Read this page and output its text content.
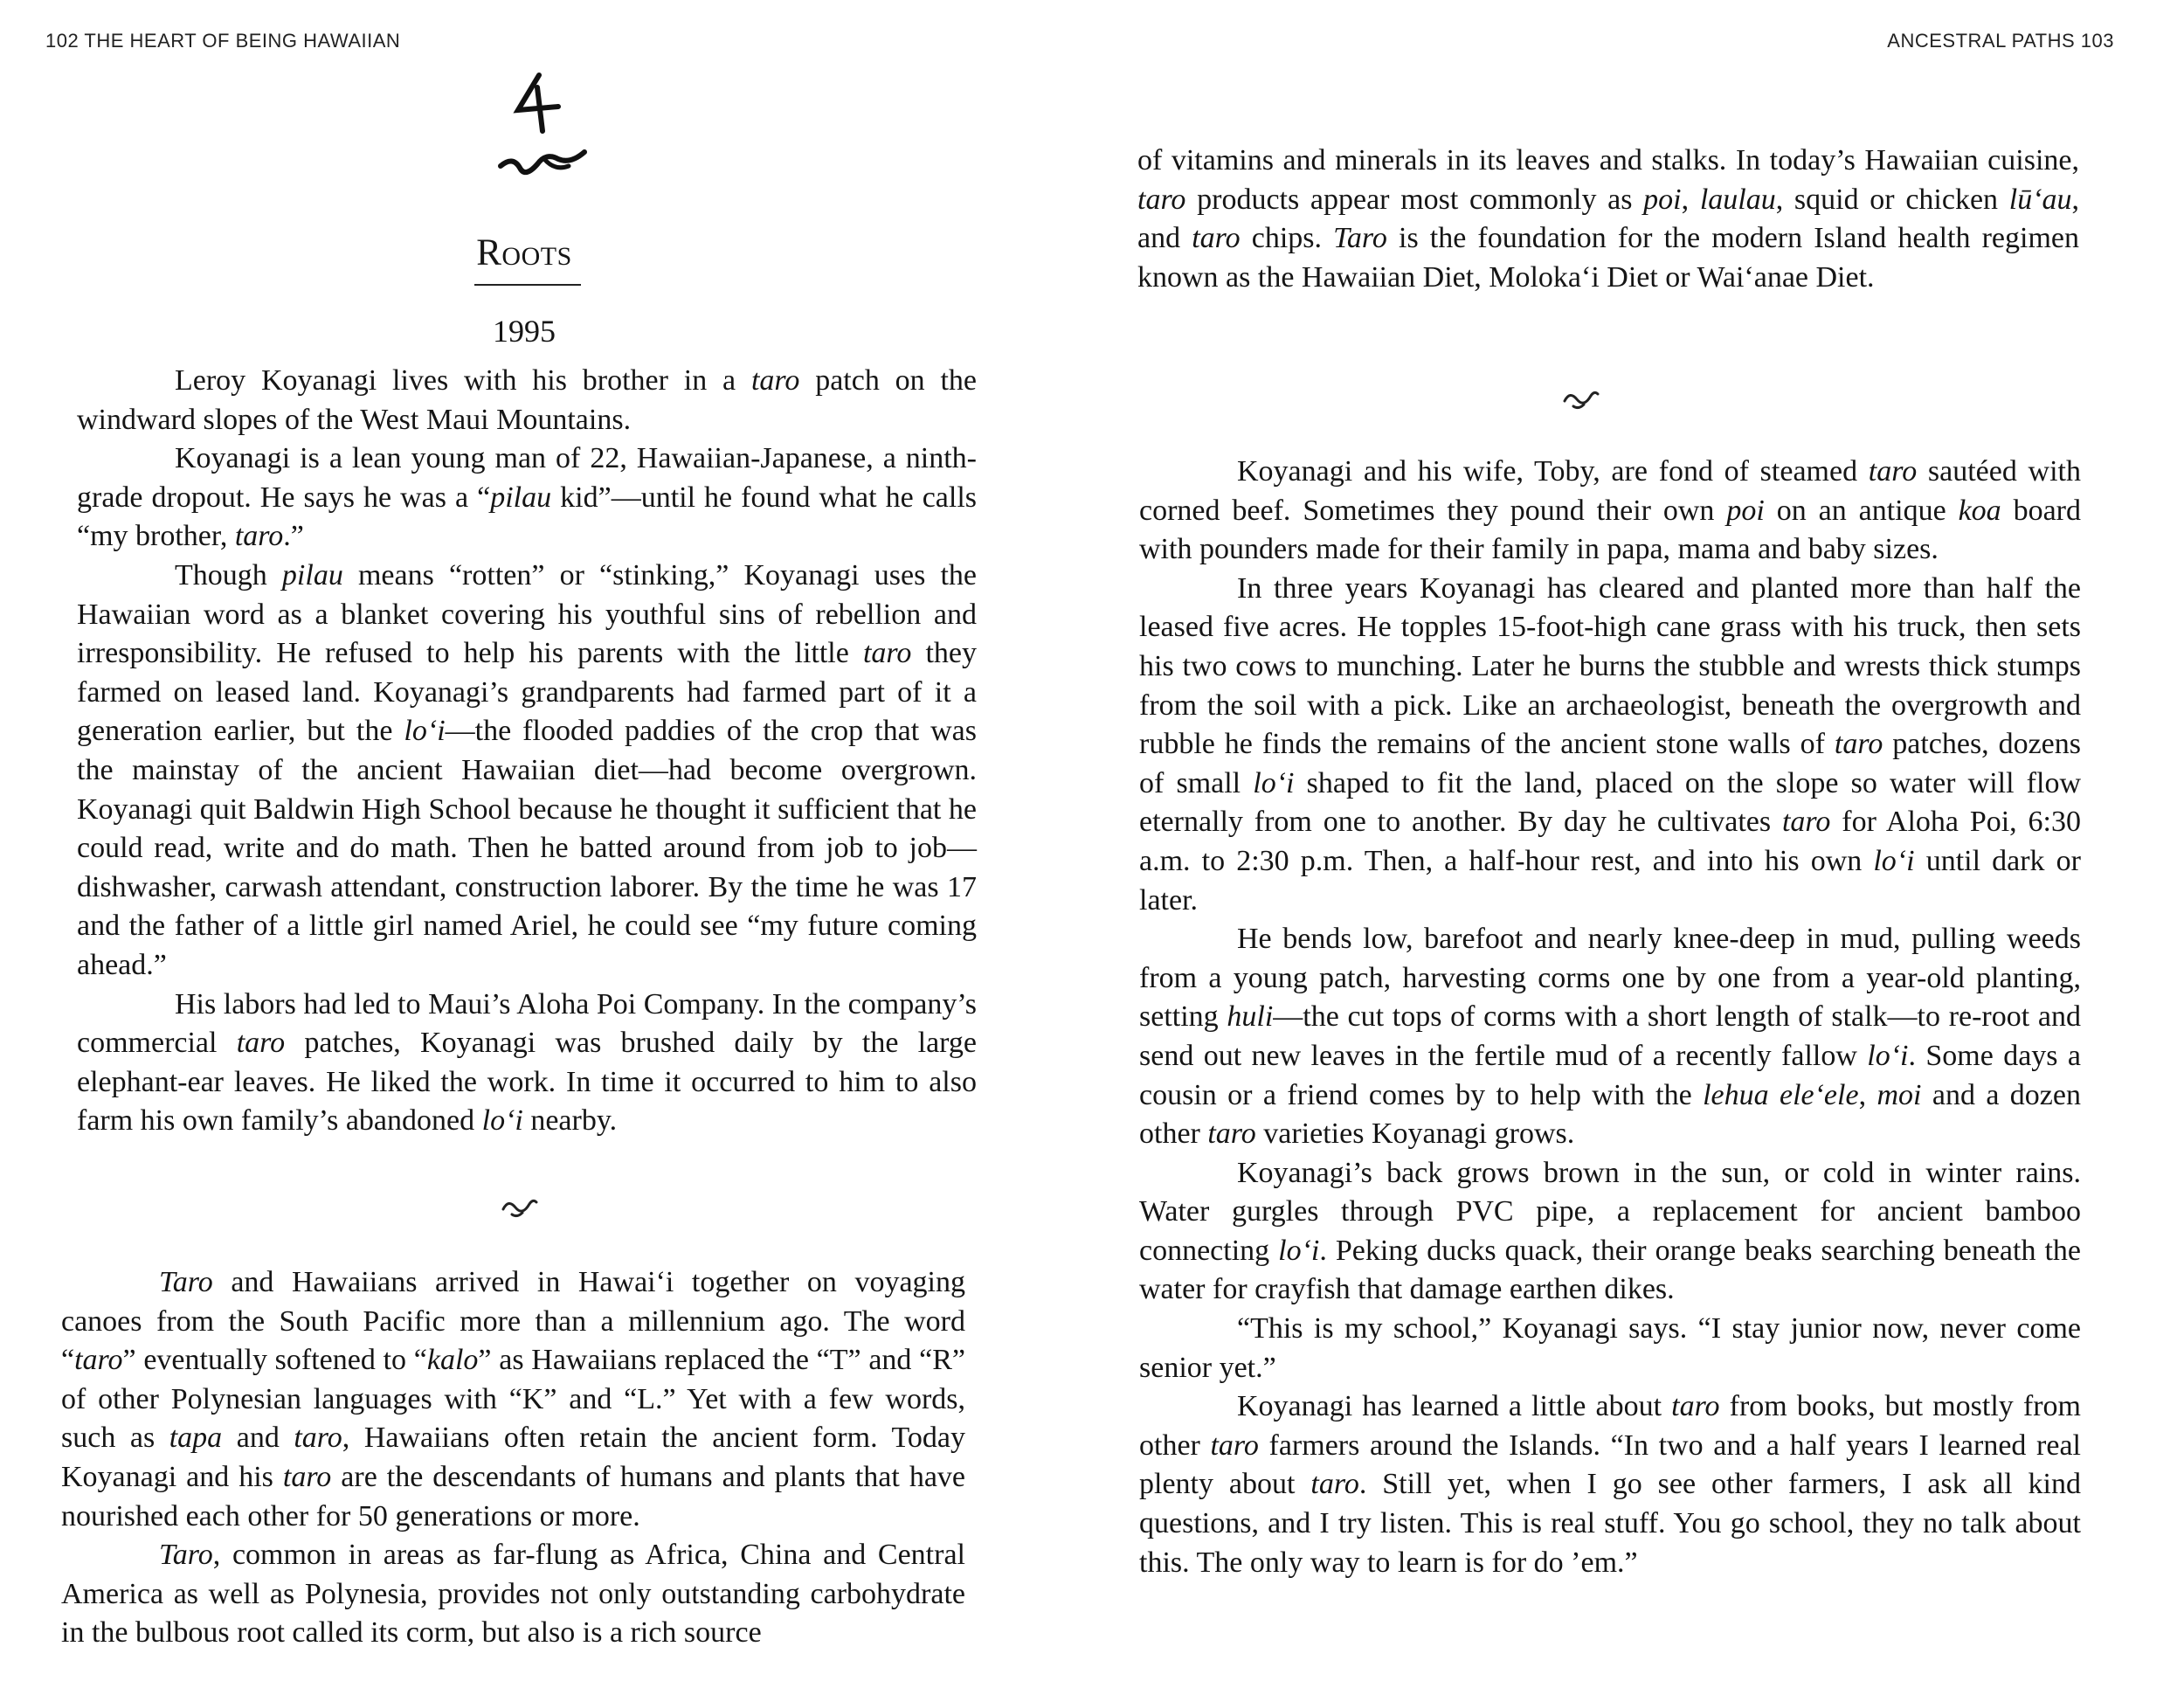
102 THE HEART OF BEING HAWAIIAN
Roots
1995

Leroy Koyanagi lives with his brother in a taro patch on the windward slopes of the West Maui Mountains.

Koyanagi is a lean young man of 22, Hawaiian-Japanese, a ninth-grade dropout. He says he was a “pilau kid”—until he found what he calls “my brother, taro.”

Though pilau means “rotten” or “stinking,” Koyanagi uses the Hawaiian word as a blanket covering his youthful sins of rebellion and irresponsibility. He refused to help his parents with the little taro they farmed on leased land. Koyanagi’s grandparents had farmed part of it a generation earlier, but the lo‘i—the flooded paddies of the crop that was the mainstay of the ancient Hawaiian diet—had become overgrown. Koyanagi quit Baldwin High School because he thought it sufficient that he could read, write and do math. Then he batted around from job to job—dishwasher, carwash attendant, construction laborer. By the time he was 17 and the father of a little girl named Ariel, he could see “my future coming ahead.”

His labors had led to Maui’s Aloha Poi Company. In the company’s commercial taro patches, Koyanagi was brushed daily by the large elephant-ear leaves. He liked the work. In time it occurred to him to also farm his own family’s abandoned lo‘i nearby.

Taro and Hawaiians arrived in Hawai‘i together on voyaging canoes from the South Pacific more than a millennium ago. The word “taro” eventually softened to “kalo” as Hawaiians replaced the “T” and “R” of other Polynesian languages with “K” and “L.” Yet with a few words, such as tapa and taro, Hawaiians often retain the ancient form. Today Koyanagi and his taro are the descendants of humans and plants that have nourished each other for 50 generations or more.

Taro, common in areas as far-flung as Africa, China and Central America as well as Polynesia, provides not only outstanding carbohydrate in the bulbous root called its corm, but also is a rich source

ANCESTRAL PATHS 103

of vitamins and minerals in its leaves and stalks. In today’s Hawaiian cuisine, taro products appear most commonly as poi, laulau, squid or chicken lū‘au, and taro chips. Taro is the foundation for the modern Island health regimen known as the Hawaiian Diet, Moloka‘i Diet or Wai‘anae Diet.

Koyanagi and his wife, Toby, are fond of steamed taro sautéed with corned beef. Sometimes they pound their own poi on an antique koa board with pounders made for their family in papa, mama and baby sizes.

In three years Koyanagi has cleared and planted more than half the leased five acres. He topples 15-foot-high cane grass with his truck, then sets his two cows to munching. Later he burns the stubble and wrests thick stumps from the soil with a pick. Like an archaeologist, beneath the overgrowth and rubble he finds the remains of the ancient stone walls of taro patches, dozens of small lo‘i shaped to fit the land, placed on the slope so water will flow eternally from one to another. By day he cultivates taro for Aloha Poi, 6:30 a.m. to 2:30 p.m. Then, a half-hour rest, and into his own lo‘i until dark or later.

He bends low, barefoot and nearly knee-deep in mud, pulling weeds from a young patch, harvesting corms one by one from a year-old planting, setting huli—the cut tops of corms with a short length of stalk—to re-root and send out new leaves in the fertile mud of a recently fallow lo‘i. Some days a cousin or a friend comes by to help with the lehua ele‘ele, moi and a dozen other taro varieties Koyanagi grows.

Koyanagi’s back grows brown in the sun, or cold in winter rains. Water gurgles through PVC pipe, a replacement for ancient bamboo connecting lo‘i. Peking ducks quack, their orange beaks searching beneath the water for crayfish that damage earthen dikes.

“This is my school,” Koyanagi says. “I stay junior now, never come senior yet.”

Koyanagi has learned a little about taro from books, but mostly from other taro farmers around the Islands. “In two and a half years I learned real plenty about taro. Still yet, when I go see other farmers, I ask all kind questions, and I try listen. This is real stuff. You go school, they no talk about this. The only way to learn is for do ’em.”
